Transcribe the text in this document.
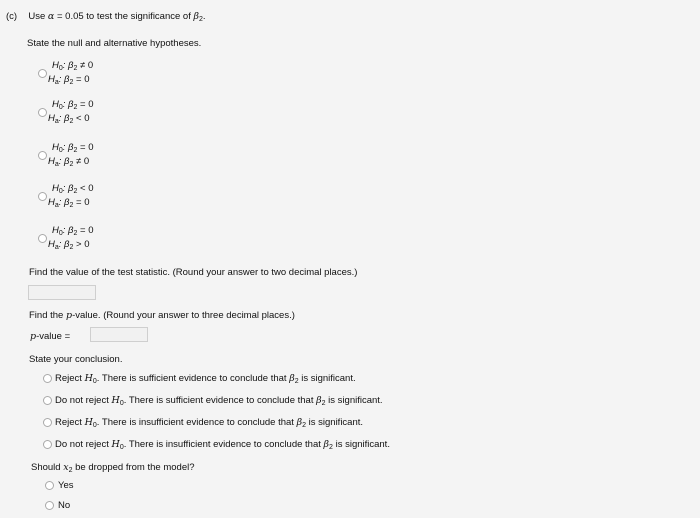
(c) Use α = 0.05 to test the significance of $\beta_2$.
State the null and alternative hypotheses.
$H_0$: $\beta_2 \ne 0$
$H_a$: $\beta_2 = 0$
$H_0$: $\beta_2 = 0$
$H_a$: $\beta_2 < 0$
$H_0$: $\beta_2 = 0$
$H_a$: $\beta_2 \ne 0$
$H_0$: $\beta_2 < 0$
$H_a$: $\beta_2 = 0$
$H_0$: $\beta_2 = 0$
$H_a$: $\beta_2 > 0$
Find the value of the test statistic. (Round your answer to two decimal places.)
Find the p-value. (Round your answer to three decimal places.)
p-value =
State your conclusion.
Reject $H_0$. There is sufficient evidence to conclude that $\beta_2$ is significant.
Do not reject $H_0$. There is sufficient evidence to conclude that $\beta_2$ is significant.
Reject $H_0$. There is insufficient evidence to conclude that $\beta_2$ is significant.
Do not reject $H_0$. There is insufficient evidence to conclude that $\beta_2$ is significant.
Should $x_2$ be dropped from the model?
Yes
No
